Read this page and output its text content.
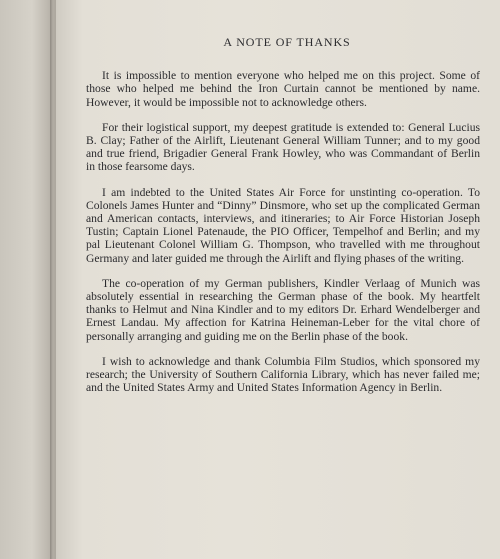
A NOTE OF THANKS

It is impossible to mention everyone who helped me on this project. Some of those who helped me behind the Iron Curtain cannot be mentioned by name. However, it would be impossible not to acknowledge others.

For their logistical support, my deepest gratitude is extended to: General Lucius B. Clay; Father of the Airlift, Lieutenant General William Tunner; and to my good and true friend, Brigadier General Frank Howley, who was Commandant of Berlin in those fearsome days.

I am indebted to the United States Air Force for unstinting co-operation. To Colonels James Hunter and “Dinny” Dinsmore, who set up the complicated German and American contacts, interviews, and itineraries; to Air Force Historian Joseph Tustin; Captain Lionel Patenaude, the PIO Officer, Tempelhof and Berlin; and my pal Lieutenant Colonel William G. Thompson, who travelled with me throughout Germany and later guided me through the Airlift and flying phases of the writing.

The co-operation of my German publishers, Kindler Verlaag of Munich was absolutely essential in researching the German phase of the book. My heartfelt thanks to Helmut and Nina Kindler and to my editors Dr. Erhard Wendelberger and Ernest Landau. My affection for Katrina Heineman-Leber for the vital chore of personally arranging and guiding me on the Berlin phase of the book.

I wish to acknowledge and thank Columbia Film Studios, which sponsored my research; the University of Southern California Library, which has never failed me; and the United States Army and United States Information Agency in Berlin.
